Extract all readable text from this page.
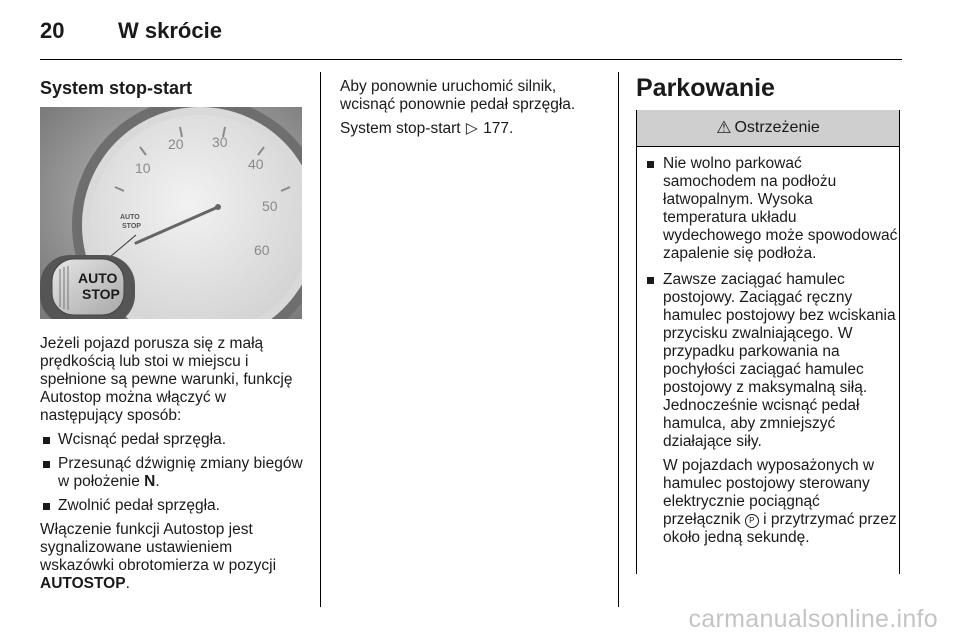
20 W skrócie
System stop-start
10
20 30
40
50
60
AUTO
STOP
AUTO
STOP

Jeżeli pojazd porusza się z małą prędkością lub stoi w miejscu i spełnione są pewne warunki, funkcję Autostop można włączyć w następujący sposób:

Wcisnąć pedał sprzęgła.
Przesunąć dźwignię zmiany biegów w położenie N.
Zwolnić pedał sprzęgła.

Włączenie funkcji Autostop jest sygnalizowane ustawieniem wskazówki obrotomierza w pozycji AUTOSTOP.

Aby ponownie uruchomić silnik, wcisnąć ponownie pedał sprzęgła.

System stop-start ▷ 177.

Parkowanie
⚠ Ostrzeżenie
Nie wolno parkować samochodem na podłożu łatwopalnym. Wysoka temperatura układu wydechowego może spowodować zapalenie się podłoża.
Zawsze zaciągać hamulec postojowy. Zaciągać ręczny hamulec postojowy bez wciskania przycisku zwalniającego. W przypadku parkowania na pochyłości zaciągać hamulec postojowy z maksymalną siłą. Jednocześnie wcisnąć pedał hamulca, aby zmniejszyć działające siły.

W pojazdach wyposażonych w hamulec postojowy sterowany elektrycznie pociągnąć przełącznik P i przytrzymać przez około jedną sekundę.

carmanualsonline.info
